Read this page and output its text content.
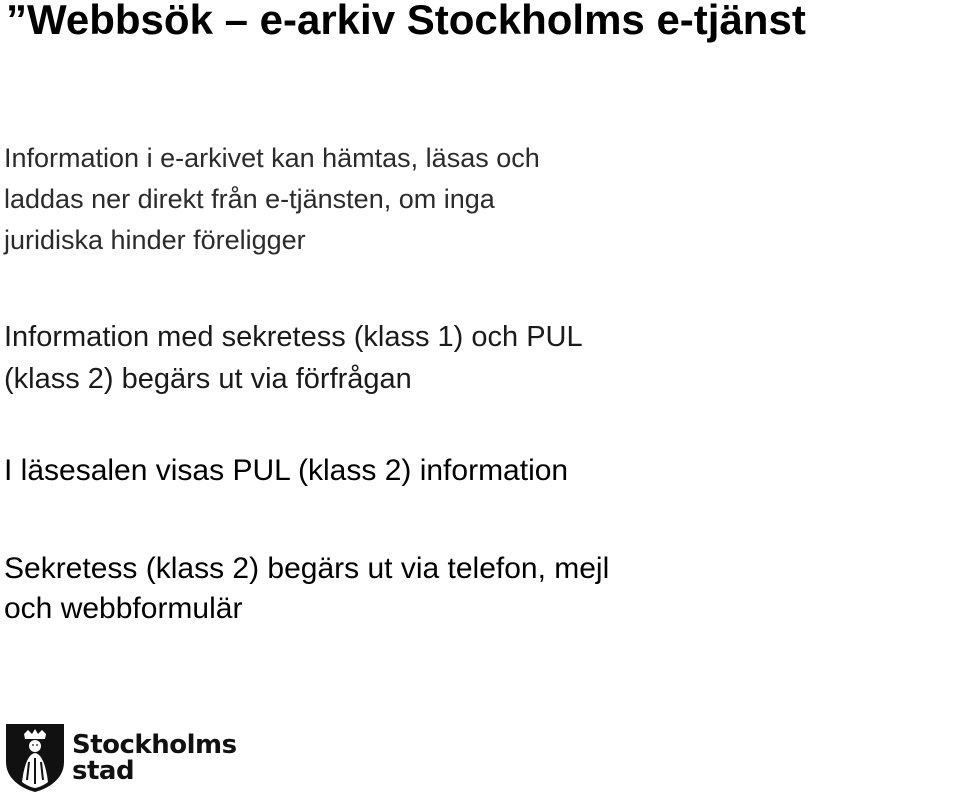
”Webbsök – e-arkiv Stockholms e-tjänst
Information i e-arkivet kan hämtas, läsas och
laddas ner direkt från e-tjänsten, om inga
juridiska hinder föreligger
Information med sekretess (klass 1) och PUL
(klass 2) begärs ut via förfrågan
I läsesalen visas PUL (klass 2) information
Sekretess (klass 2) begärs ut via telefon, mejl
och webbformulär
Stockholms
stad
